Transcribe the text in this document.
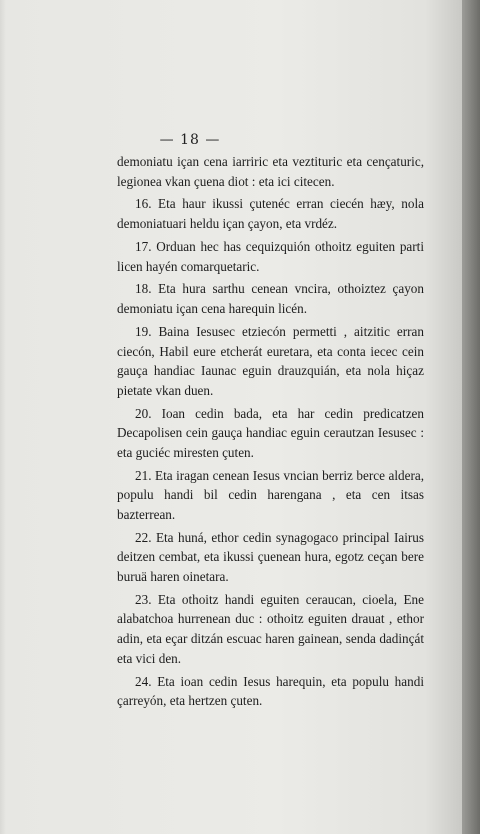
— 18 —

demoniatu içan cena iarriric eta veztituric eta cençaturic, legionea vkan çuena diot : eta ici citecen.

16. Eta haur ikussi çutenéc erran ciecén hæy, nola demoniatuari heldu içan çayon, eta vrdéz.

17. Orduan hec has cequizquión othoitz eguiten parti licen hayén comarquetaric.

18. Eta hura sarthu cenean vncira, othoiztez çayon demoniatu içan cena harequin licén.

19. Baina Iesusec etziecón permetti , aitzitic erran ciecón, Habil eure etcherát euretara, eta conta iecec cein gauça handiac Iaunac eguin drauzquián, eta nola hiçaz pietate vkan duen.

20. Ioan cedin bada, eta har cedin predicatzen Decapolisen cein gauça handiac eguin cerautzan Iesusec : eta guciéc miresten çuten.

21. Eta iragan cenean Iesus vncian berriz berce aldera, populu handi bil cedin harengana , eta cen itsas bazterrean.

22. Eta huná, ethor cedin synagogaco principal Iairus deitzen cembat, eta ikussi çuenean hura, egotz ceçan bere buruä haren oinetara.

23. Eta othoitz handi eguiten ceraucan, cioela, Ene alabatchoa hurrenean duc : othoitz eguiten drauat , ethor adin, eta eçar ditzán escuac haren gainean, senda dadinçát eta vici den.

24. Eta ioan cedin Iesus harequin, eta populu handi çarreyón, eta hertzen çuten.
